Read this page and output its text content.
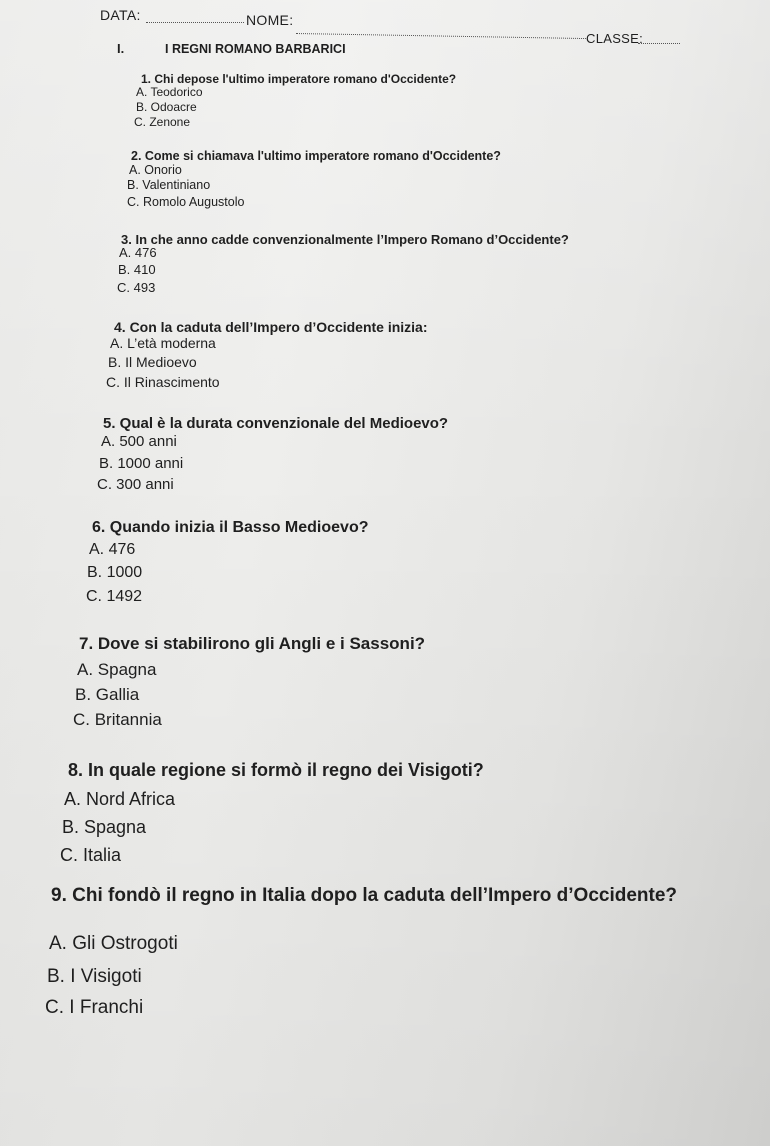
DATA:	NOME:
CLASSE:
I.	I REGNI ROMANO BARBARICI
1. Chi depose l'ultimo imperatore romano d'Occidente?
A. Teodorico
B. Odoacre
C. Zenone
2. Come si chiamava l'ultimo imperatore romano d'Occidente?
A. Onorio
B. Valentiniano
C. Romolo Augustolo
3. In che anno cadde convenzionalmente l’Impero Romano d’Occidente?
A. 476
B. 410
C. 493
4. Con la caduta dell’Impero d’Occidente inizia:
A. L’età moderna
B. Il Medioevo
C. Il Rinascimento
5. Qual è la durata convenzionale del Medioevo?
A. 500 anni
B. 1000 anni
C. 300 anni
6. Quando inizia il Basso Medioevo?
A. 476
B. 1000
C. 1492
7. Dove si stabilirono gli Angli e i Sassoni?
A. Spagna
B. Gallia
C. Britannia
8. In quale regione si formò il regno dei Visigoti?
A. Nord Africa
B. Spagna
C. Italia
9. Chi fondò il regno in Italia dopo la caduta dell’Impero d’Occidente?
A. Gli Ostrogoti
B. I Visigoti
C. I Franchi
